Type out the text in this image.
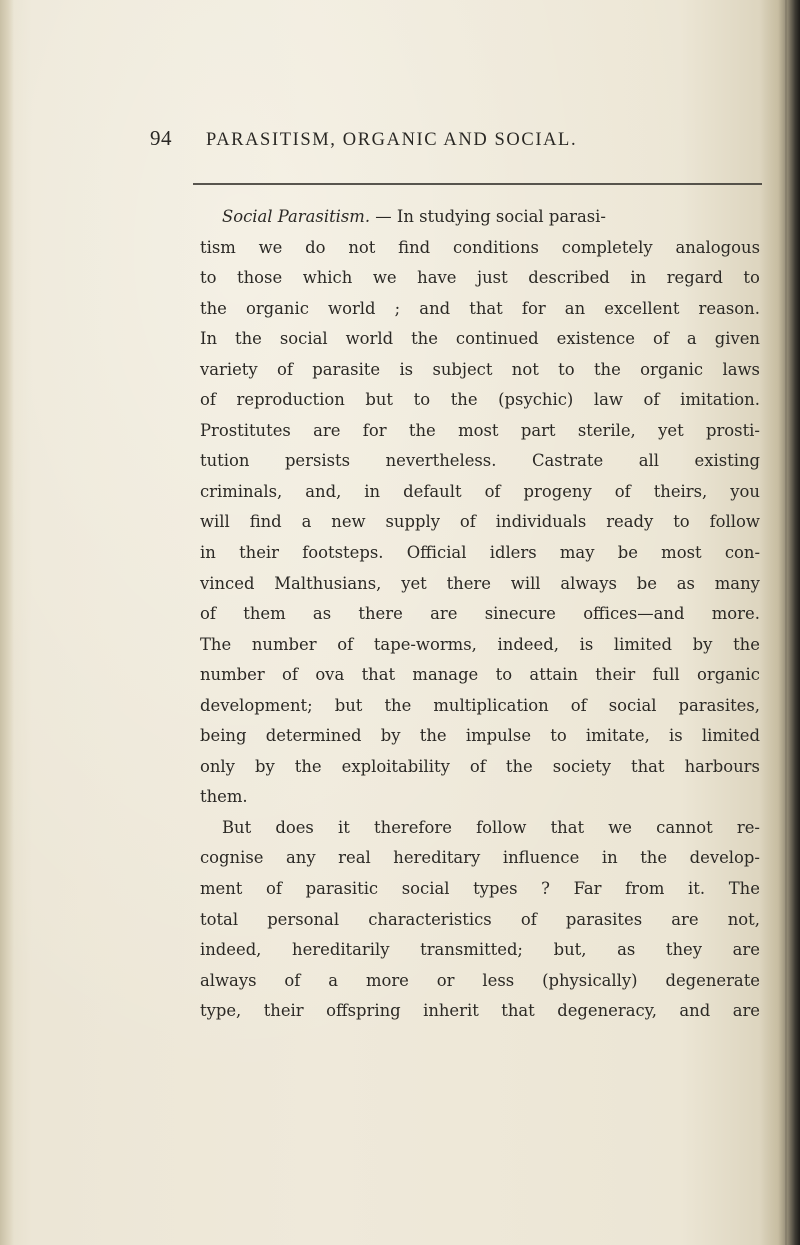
94 PARASITISM, ORGANIC AND SOCIAL.
Social Parasitism. — In studying social parasi-
tism we do not find conditions completely analogous
to those which we have just described in regard to
the organic world ; and that for an excellent reason.
In the social world the continued existence of a given
variety of parasite is subject not to the organic laws
of reproduction but to the (psychic) law of imitation.
Prostitutes are for the most part sterile, yet prosti-
tution persists nevertheless. Castrate all existing
criminals, and, in default of progeny of theirs, you
will find a new supply of individuals ready to follow
in their footsteps. Official idlers may be most con-
vinced Malthusians, yet there will always be as many
of them as there are sinecure offices—and more.
The number of tape-worms, indeed, is limited by the
number of ova that manage to attain their full organic
development; but the multiplication of social parasites,
being determined by the impulse to imitate, is limited
only by the exploitability of the society that harbours
them.
But does it therefore follow that we cannot re-
cognise any real hereditary influence in the develop-
ment of parasitic social types ? Far from it. The
total personal characteristics of parasites are not,
indeed, hereditarily transmitted; but, as they are
always of a more or less (physically) degenerate
type, their offspring inherit that degeneracy, and are
